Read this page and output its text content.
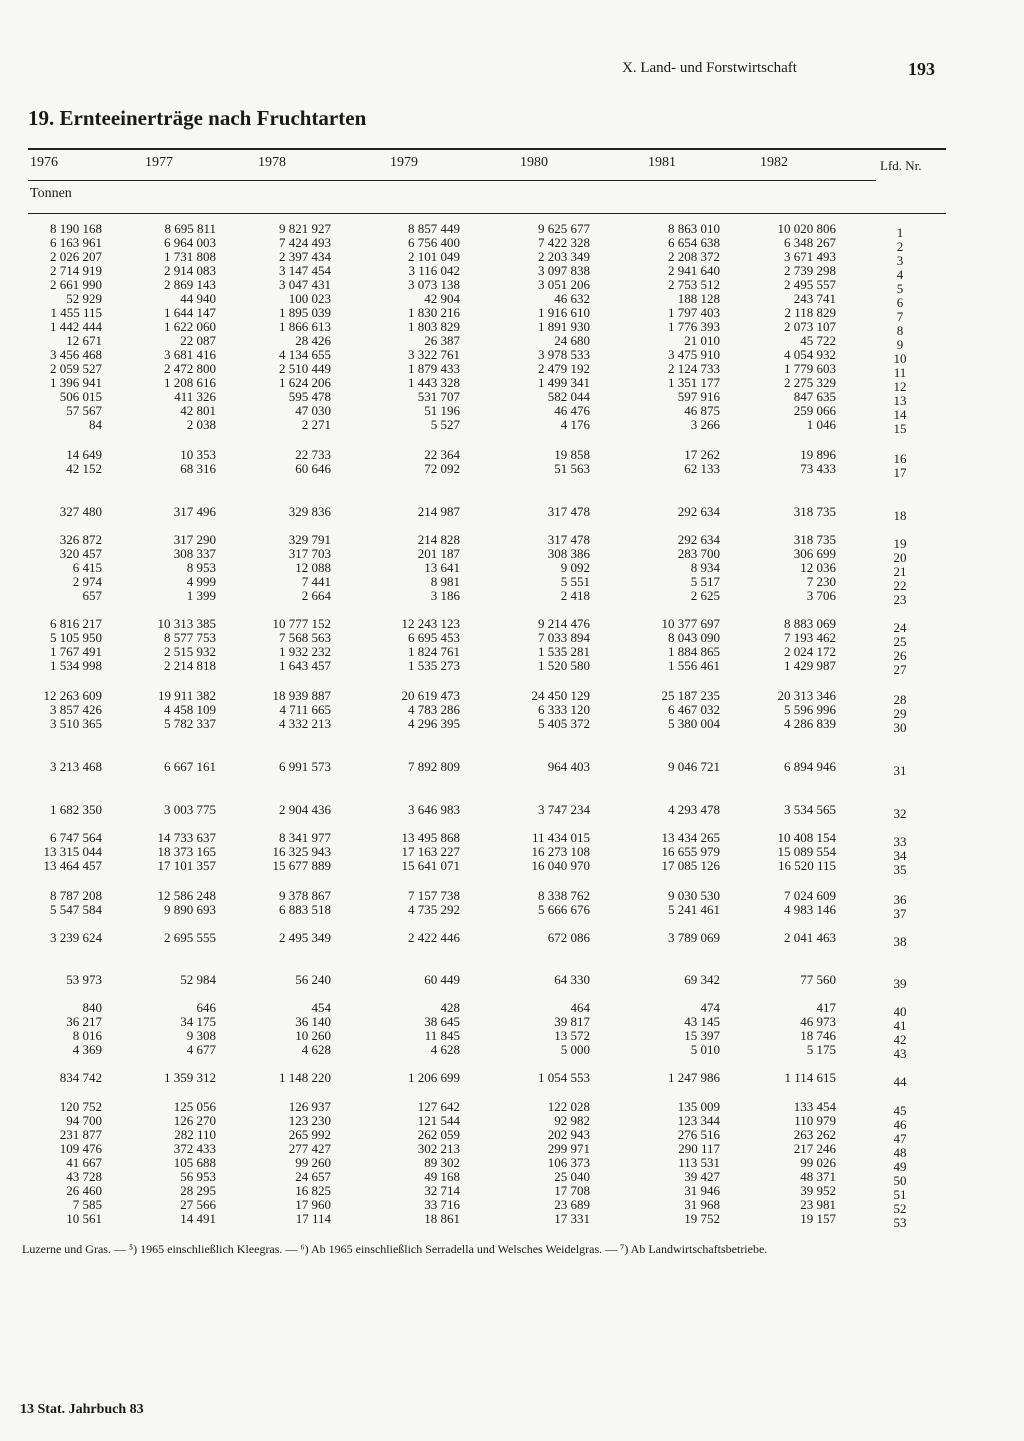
X. Land- und Forstwirtschaft	193
19. Ernteeinerträge nach Fruchtarten
1976	1977	1978	1979	1980	1981	1982
Tonnen
Lfd. Nr.
8 190 168	8 695 811	9 821 927	8 857 449	9 625 677	8 863 010	10 020 806	1
6 163 961	6 964 003	7 424 493	6 756 400	7 422 328	6 654 638	6 348 267	2
2 026 207	1 731 808	2 397 434	2 101 049	2 203 349	2 208 372	3 671 493	3
2 714 919	2 914 083	3 147 454	3 116 042	3 097 838	2 941 640	2 739 298	4
2 661 990	2 869 143	3 047 431	3 073 138	3 051 206	2 753 512	2 495 557	5
52 929	44 940	100 023	42 904	46 632	188 128	243 741	6
1 455 115	1 644 147	1 895 039	1 830 216	1 916 610	1 797 403	2 118 829	7
1 442 444	1 622 060	1 866 613	1 803 829	1 891 930	1 776 393	2 073 107	8
12 671	22 087	28 426	26 387	24 680	21 010	45 722	9
3 456 468	3 681 416	4 134 655	3 322 761	3 978 533	3 475 910	4 054 932	10
2 059 527	2 472 800	2 510 449	1 879 433	2 479 192	2 124 733	1 779 603	11
1 396 941	1 208 616	1 624 206	1 443 328	1 499 341	1 351 177	2 275 329	12
506 015	411 326	595 478	531 707	582 044	597 916	847 635	13
57 567	42 801	47 030	51 196	46 476	46 875	259 066	14
84	2 038	2 271	5 527	4 176	3 266	1 046	15
14 649	10 353	22 733	22 364	19 858	17 262	19 896	16
42 152	68 316	60 646	72 092	51 563	62 133	73 433	17
327 480	317 496	329 836	214 987	317 478	292 634	318 735	18
326 872	317 290	329 791	214 828	317 478	292 634	318 735	19
320 457	308 337	317 703	201 187	308 386	283 700	306 699	20
6 415	8 953	12 088	13 641	9 092	8 934	12 036	21
2 974	4 999	7 441	8 981	5 551	5 517	7 230	22
657	1 399	2 664	3 186	2 418	2 625	3 706	23
6 816 217	10 313 385	10 777 152	12 243 123	9 214 476	10 377 697	8 883 069	24
5 105 950	8 577 753	7 568 563	6 695 453	7 033 894	8 043 090	7 193 462	25
1 767 491	2 515 932	1 932 232	1 824 761	1 535 281	1 884 865	2 024 172	26
1 534 998	2 214 818	1 643 457	1 535 273	1 520 580	1 556 461	1 429 987	27
12 263 609	19 911 382	18 939 887	20 619 473	24 450 129	25 187 235	20 313 346	28
3 857 426	4 458 109	4 711 665	4 783 286	6 333 120	6 467 032	5 596 996	29
3 510 365	5 782 337	4 332 213	4 296 395	5 405 372	5 380 004	4 286 839	30
3 213 468	6 667 161	6 991 573	7 892 809	964 403	9 046 721	6 894 946	31
1 682 350	3 003 775	2 904 436	3 646 983	3 747 234	4 293 478	3 534 565	32
6 747 564	14 733 637	8 341 977	13 495 868	11 434 015	13 434 265	10 408 154	33
13 315 044	18 373 165	16 325 943	17 163 227	16 273 108	16 655 979	15 089 554	34
13 464 457	17 101 357	15 677 889	15 641 071	16 040 970	17 085 126	16 520 115	35
8 787 208	12 586 248	9 378 867	7 157 738	8 338 762	9 030 530	7 024 609	36
5 547 584	9 890 693	6 883 518	4 735 292	5 666 676	5 241 461	4 983 146	37
3 239 624	2 695 555	2 495 349	2 422 446	672 086	3 789 069	2 041 463	38
53 973	52 984	56 240	60 449	64 330	69 342	77 560	39
840	646	454	428	464	474	417	40
36 217	34 175	36 140	38 645	39 817	43 145	46 973	41
8 016	9 308	10 260	11 845	13 572	15 397	18 746	42
4 369	4 677	4 628	4 628	5 000	5 010	5 175	43
834 742	1 359 312	1 148 220	1 206 699	1 054 553	1 247 986	1 114 615	44
120 752	125 056	126 937	127 642	122 028	135 009	133 454	45
94 700	126 270	123 230	121 544	92 982	123 344	110 979	46
231 877	282 110	265 992	262 059	202 943	276 516	263 262	47
109 476	372 433	277 427	302 213	299 971	290 117	217 246	48
41 667	105 688	99 260	89 302	106 373	113 531	99 026	49
43 728	56 953	24 657	49 168	25 040	39 427	48 371	50
26 460	28 295	16 825	32 714	17 708	31 946	39 952	51
7 585	27 566	17 960	33 716	23 689	31 968	23 981	52
10 561	14 491	17 114	18 861	17 331	19 752	19 157	53
Luzerne und Gras. — ⁵) 1965 einschließlich Kleegras. — ⁶) Ab 1965 einschließlich Serradella und Welsches Weidelgras. — ⁷) Ab Landwirtschaftsbetriebe.
13 Stat. Jahrbuch 83
